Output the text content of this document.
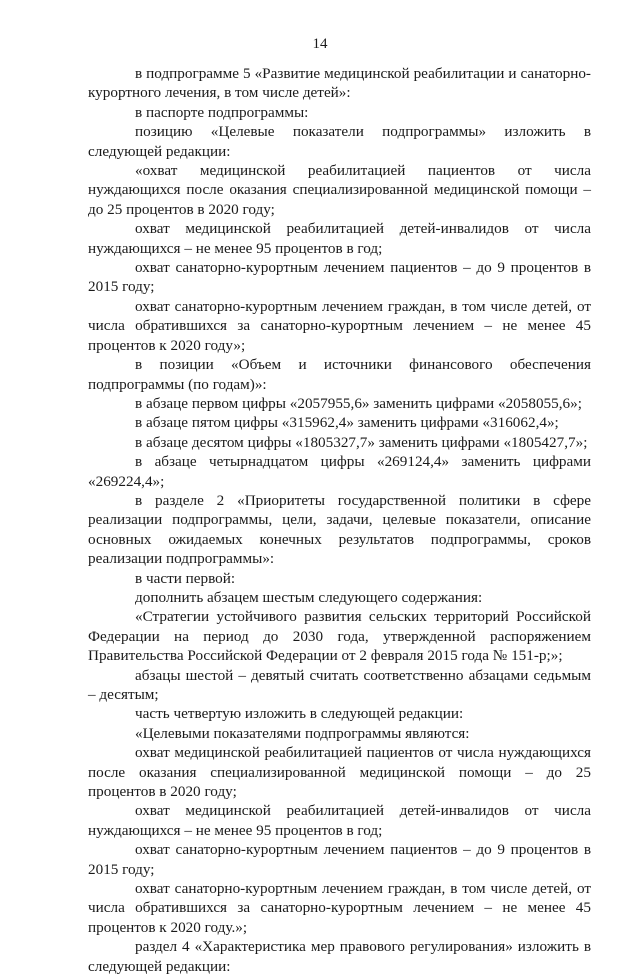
14

в подпрограмме 5 «Развитие медицинской реабилитации и санаторно-курортного лечения, в том числе детей»:

в паспорте подпрограммы:

позицию «Целевые показатели подпрограммы» изложить в следующей редакции:

«охват медицинской реабилитацией пациентов от числа нуждающихся после оказания специализированной медицинской помощи – до 25 процентов в 2020 году;

охват медицинской реабилитацией детей-инвалидов от числа нуждающихся – не менее 95 процентов в год;

охват санаторно-курортным лечением пациентов – до 9 процентов в 2015 году;

охват санаторно-курортным лечением граждан, в том числе детей, от числа обратившихся за санаторно-курортным лечением – не менее 45 процентов к 2020 году»;

в позиции «Объем и источники финансового обеспечения подпрограммы (по годам)»:

в абзаце первом цифры «2057955,6» заменить цифрами «2058055,6»;

в абзаце пятом цифры «315962,4» заменить цифрами «316062,4»;

в абзаце десятом цифры «1805327,7» заменить цифрами «1805427,7»;

в абзаце четырнадцатом цифры «269124,4» заменить цифрами «269224,4»;

в разделе 2 «Приоритеты государственной политики в сфере реализации подпрограммы, цели, задачи, целевые показатели, описание основных ожидаемых конечных результатов подпрограммы, сроков реализации подпрограммы»:

в части первой:

дополнить абзацем шестым следующего содержания:

«Стратегии устойчивого развития сельских территорий Российской Федерации на период до 2030 года, утвержденной распоряжением Правительства Российской Федерации от 2 февраля 2015 года № 151-р;»;

абзацы шестой – девятый считать соответственно абзацами седьмым – десятым;

часть четвертую изложить в следующей редакции:

«Целевыми показателями подпрограммы являются:

охват медицинской реабилитацией пациентов от числа нуждающихся после оказания специализированной медицинской помощи – до 25 процентов в 2020 году;

охват медицинской реабилитацией детей-инвалидов от числа нуждающихся – не менее 95 процентов в год;

охват санаторно-курортным лечением пациентов – до 9 процентов в 2015 году;

охват санаторно-курортным лечением граждан, в том числе детей, от числа обратившихся за санаторно-курортным лечением – не менее 45 процентов к 2020 году.»;

раздел 4 «Характеристика мер правового регулирования» изложить в следующей редакции:
